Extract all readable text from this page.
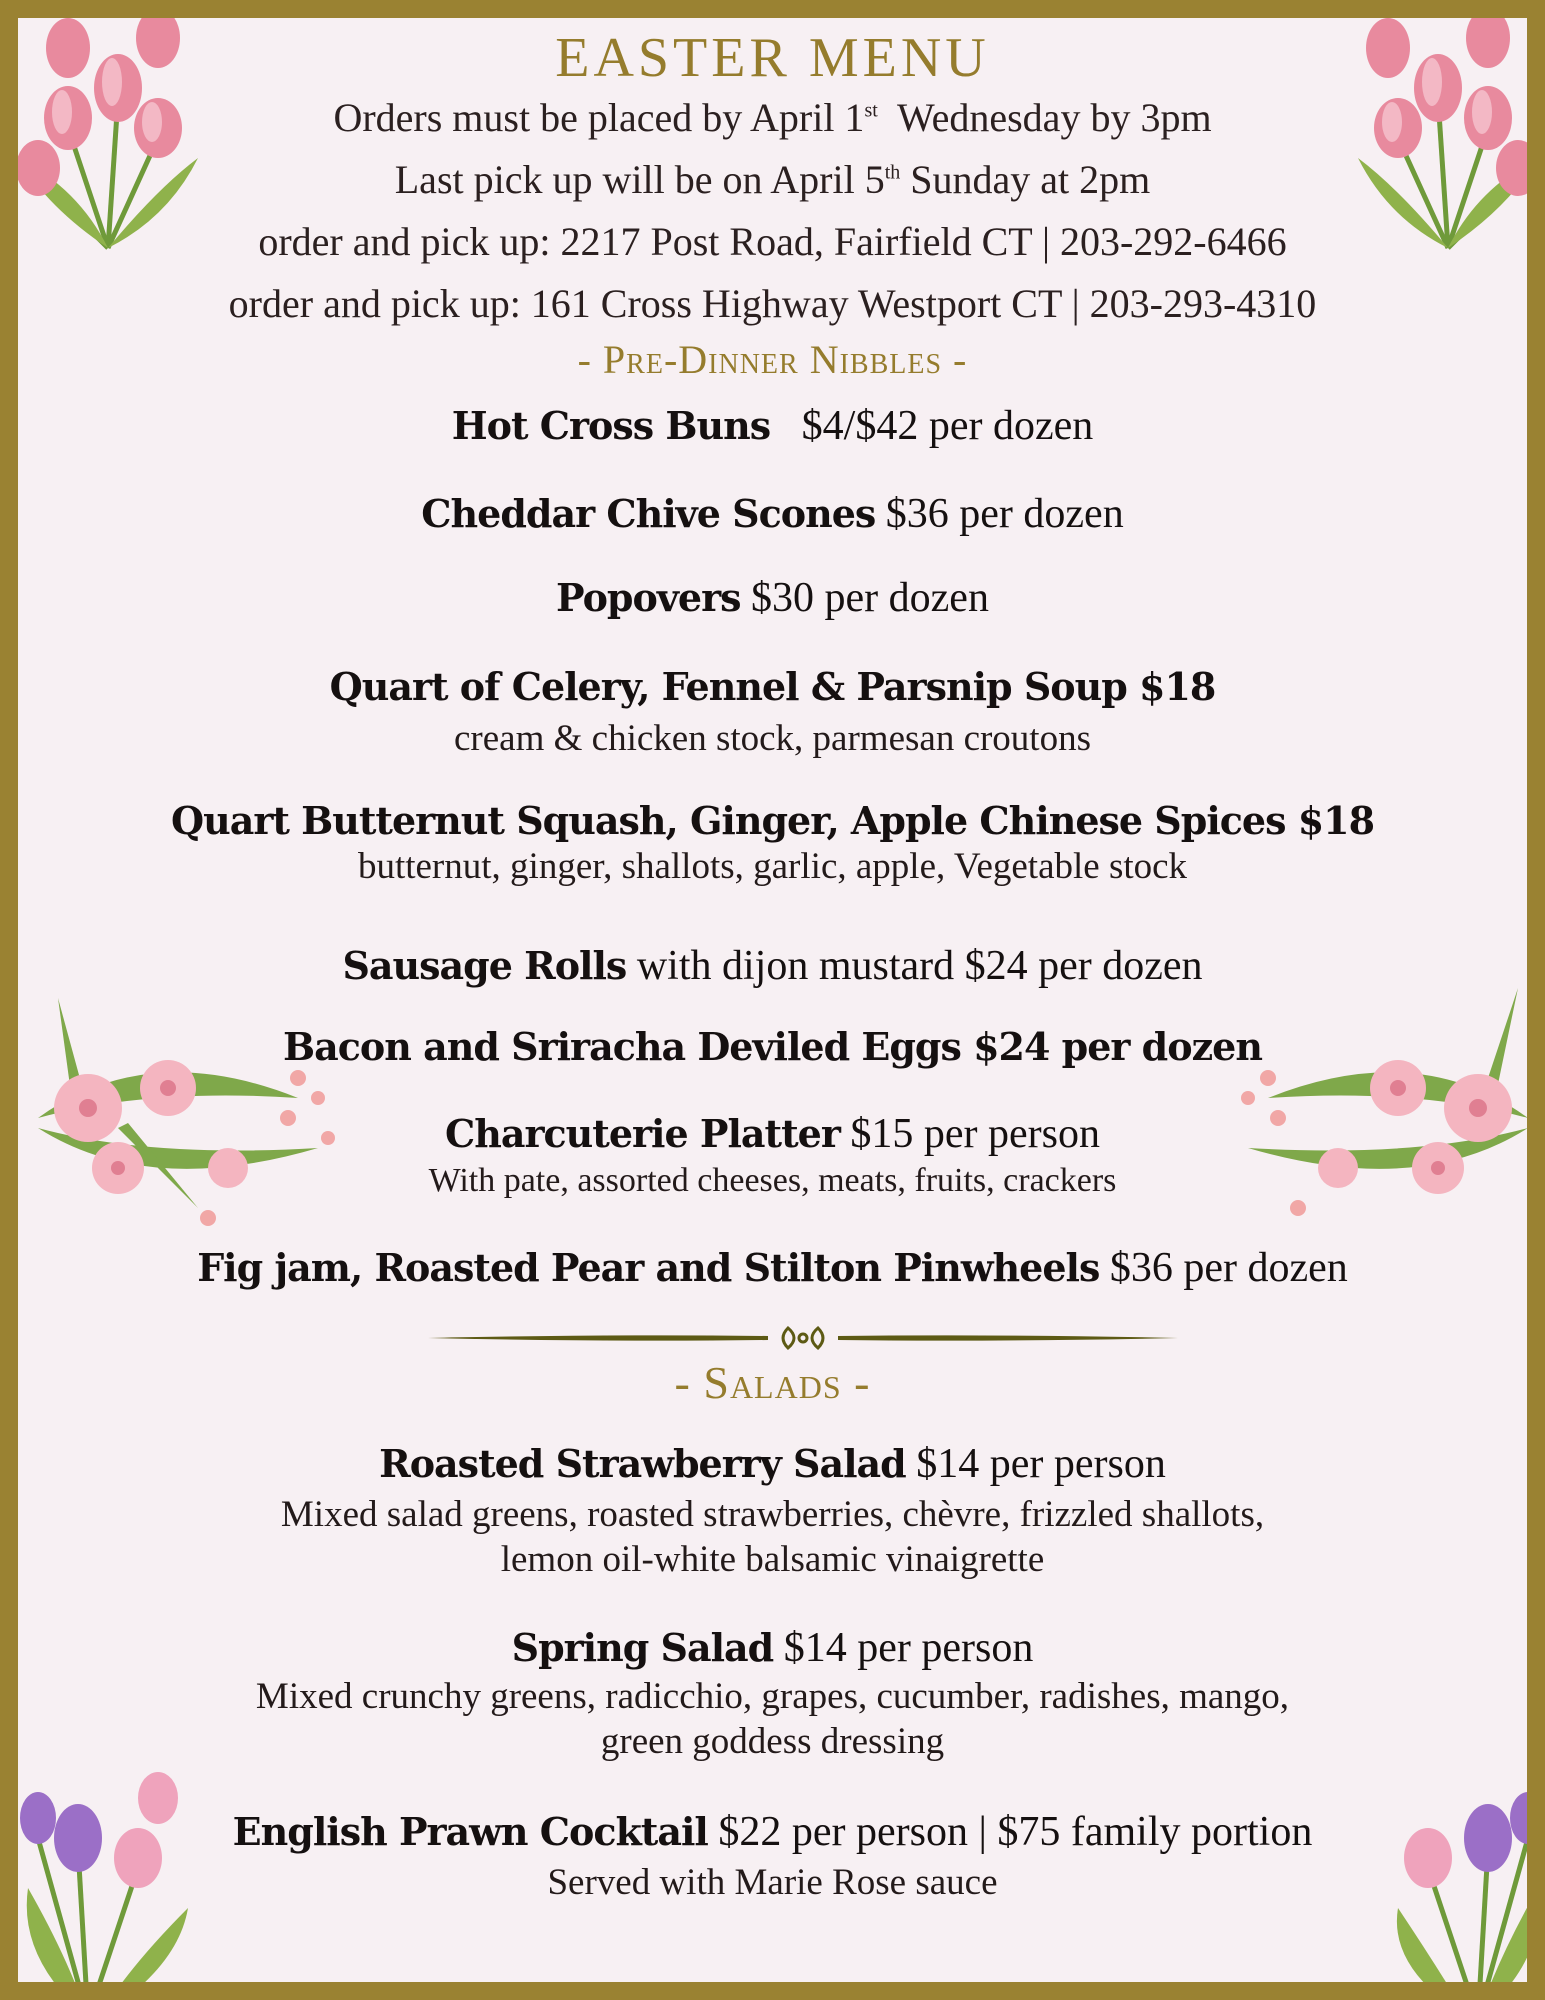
EASTER MENU
Orders must be placed by April 1st  Wednesday by 3pm
Last pick up will be on April 5th Sunday at 2pm
order and pick up: 2217 Post Road, Fairfield CT | 203-292-6466
order and pick up: 161 Cross Highway Westport CT | 203-293-4310
- Pre-Dinner Nibbles -
Hot Cross Buns   $4/$42 per dozen
Cheddar Chive Scones $36 per dozen
Popovers $30 per dozen
Quart of Celery, Fennel & Parsnip Soup $18
cream & chicken stock, parmesan croutons
Quart Butternut Squash, Ginger, Apple Chinese Spices $18
butternut, ginger, shallots, garlic, apple, Vegetable stock
Sausage Rolls with dijon mustard $24 per dozen
Bacon and Sriracha Deviled Eggs $24 per dozen
Charcuterie Platter $15 per person
With pate, assorted cheeses, meats, fruits, crackers
Fig jam, Roasted Pear and Stilton Pinwheels $36 per dozen
- Salads -
Roasted Strawberry Salad $14 per person
Mixed salad greens, roasted strawberries, chèvre, frizzled shallots,
lemon oil-white balsamic vinaigrette
Spring Salad $14 per person
Mixed crunchy greens, radicchio, grapes, cucumber, radishes, mango,
green goddess dressing
English Prawn Cocktail $22 per person | $75 family portion
Served with Marie Rose sauce
